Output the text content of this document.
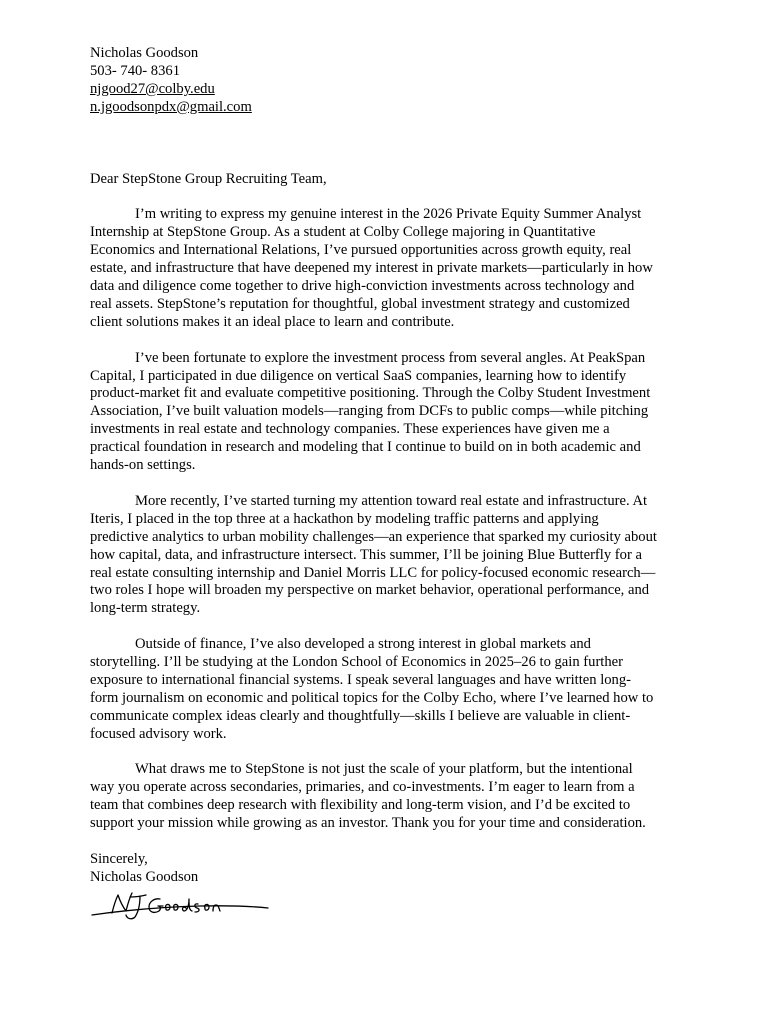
Nicholas Goodson
503- 740- 8361
njgood27@colby.edu
n.jgoodsonpdx@gmail.com
Dear StepStone Group Recruiting Team,
I’m writing to express my genuine interest in the 2026 Private Equity Summer Analyst
Internship at StepStone Group. As a student at Colby College majoring in Quantitative
Economics and International Relations, I’ve pursued opportunities across growth equity, real
estate, and infrastructure that have deepened my interest in private markets—particularly in how
data and diligence come together to drive high-conviction investments across technology and
real assets. StepStone’s reputation for thoughtful, global investment strategy and customized
client solutions makes it an ideal place to learn and contribute.
I’ve been fortunate to explore the investment process from several angles. At PeakSpan
Capital, I participated in due diligence on vertical SaaS companies, learning how to identify
product-market fit and evaluate competitive positioning. Through the Colby Student Investment
Association, I’ve built valuation models—ranging from DCFs to public comps—while pitching
investments in real estate and technology companies. These experiences have given me a
practical foundation in research and modeling that I continue to build on in both academic and
hands-on settings.
More recently, I’ve started turning my attention toward real estate and infrastructure. At
Iteris, I placed in the top three at a hackathon by modeling traffic patterns and applying
predictive analytics to urban mobility challenges—an experience that sparked my curiosity about
how capital, data, and infrastructure intersect. This summer, I’ll be joining Blue Butterfly for a
real estate consulting internship and Daniel Morris LLC for policy-focused economic research—
two roles I hope will broaden my perspective on market behavior, operational performance, and
long-term strategy.
Outside of finance, I’ve also developed a strong interest in global markets and
storytelling. I’ll be studying at the London School of Economics in 2025–26 to gain further
exposure to international financial systems. I speak several languages and have written long-
form journalism on economic and political topics for the Colby Echo, where I’ve learned how to
communicate complex ideas clearly and thoughtfully—skills I believe are valuable in client-
focused advisory work.
What draws me to StepStone is not just the scale of your platform, but the intentional
way you operate across secondaries, primaries, and co-investments. I’m eager to learn from a
team that combines deep research with flexibility and long-term vision, and I’d be excited to
support your mission while growing as an investor. Thank you for your time and consideration.
Sincerely,
Nicholas Goodson
